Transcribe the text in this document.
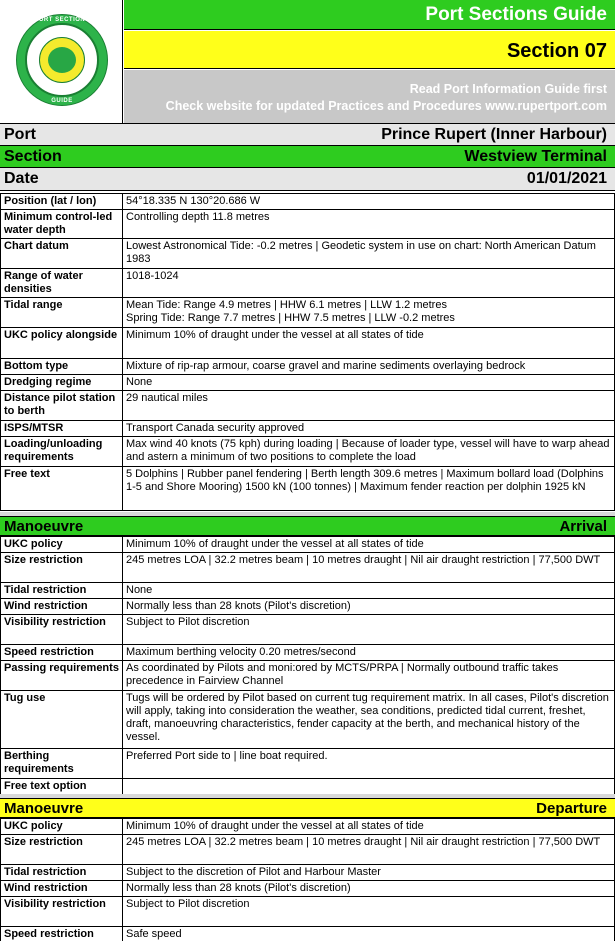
PORT SECTIONS
GUIDE
Port Sections Guide
Section 07
Read Port Information Guide first
Check website for updated Practices and Procedures www.rupertport.com
Port	Prince Rupert (Inner Harbour)
Section	Westview Terminal
Date	01/01/2021
Position (lat / lon)	54°18.335 N 130°20.686 W
Minimum control-led water depth	Controlling depth 11.8 metres
Chart datum	Lowest Astronomical Tide: -0.2 metres | Geodetic system in use on chart: North American Datum 1983
Range of water densities	1018-1024
Tidal range	Mean Tide: Range 4.9 metres | HHW 6.1 metres | LLW 1.2 metres
Spring Tide: Range 7.7 metres | HHW 7.5 metres | LLW -0.2 metres

UKC policy alongside	Minimum 10% of draught under the vessel at all states of tide
Bottom type	Mixture of rip-rap armour, coarse gravel and marine sediments overlaying bedrock
Dredging regime	None
Distance pilot station to berth	29 nautical miles
ISPS/MTSR	Transport Canada security approved
Loading/unloading requirements	Max wind 40 knots (75 kph) during loading | Because of loader type, vessel will have to warp ahead and astern a minimum of two positions to complete the load
Free text	5 Dolphins | Rubber panel fendering | Berth length 309.6 metres | Maximum bollard load (Dolphins 1-5 and Shore Mooring) 1500 kN (100 tonnes) | Maximum fender reaction per dolphin 1925 kN
Manoeuvre	Arrival
UKC policy	Minimum 10% of draught under the vessel at all states of tide
Size restriction	245 metres LOA | 32.2 metres beam | 10 metres draught | Nil air draught restriction | 77,500 DWT
Tidal restriction	None
Wind restriction	Normally less than 28 knots (Pilot's discretion)
Visibility restriction	Subject to Pilot discretion
Speed restriction	Maximum berthing velocity 0.20 metres/second
Passing requirements	As coordinated by Pilots and moni:ored by MCTS/PRPA | Normally outbound traffic takes precedence in Fairview Channel
Tug use	Tugs will be ordered by Pilot based on current tug requirement matrix. In all cases, Pilot's discretion will apply, taking into consideration the weather, sea conditions, predicted tidal current, freshet, draft, manoeuvring characteristics, fender capacity at the berth, and mechanical history of the vessel.
Berthing requirements	Preferred Port side to | line boat required.
Free text option	
Manoeuvre	Departure
UKC policy	Minimum 10% of draught under the vessel at all states of tide
Size restriction	245 metres LOA | 32.2 metres beam | 10 metres draught | Nil air draught restriction | 77,500 DWT
Tidal restriction	Subject to the discretion of Pilot and Harbour Master
Wind restriction	Normally less than 28 knots (Pilot's discretion)
Visibility restriction	Subject to Pilot discretion
Speed restriction	Safe speed
